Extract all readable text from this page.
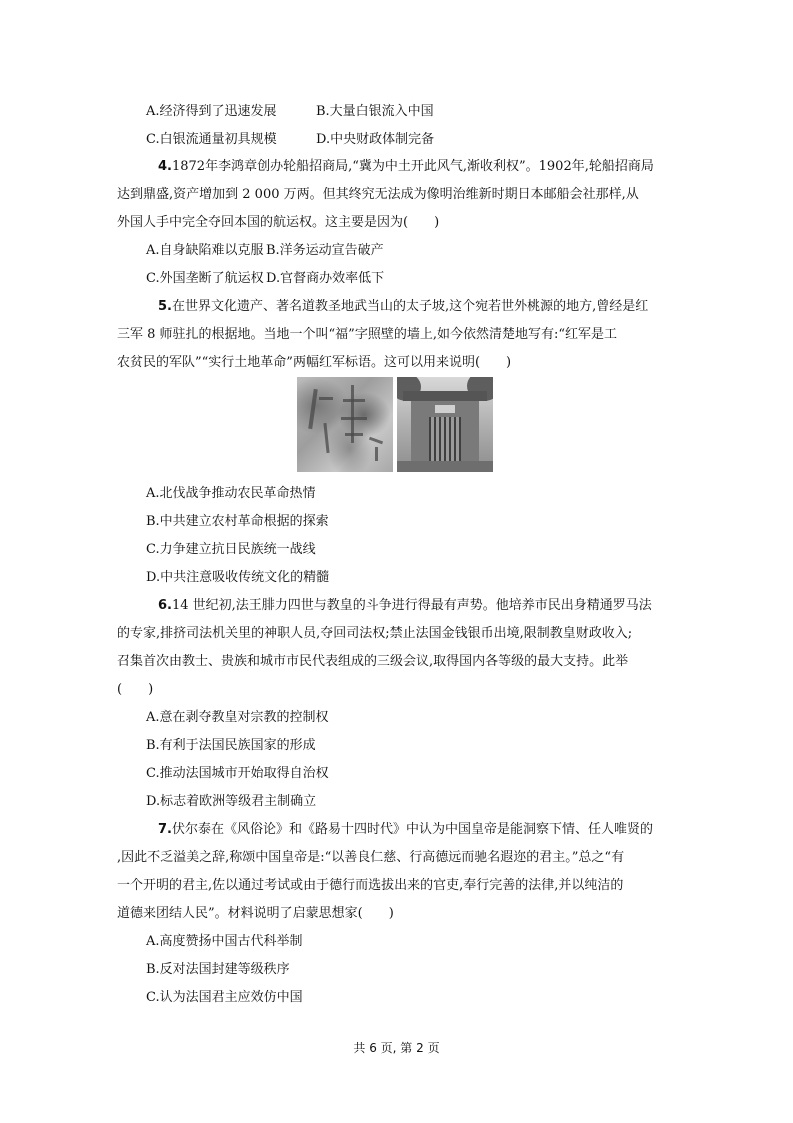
A.经济得到了迅速发展	B.大量白银流入中国
C.白银流通量初具规模	D.中央财政体制完备
4.1872年李鸿章创办轮船招商局,“冀为中土开此风气,渐收利权”。1902年,轮船招商局
达到鼎盛,资产增加到 2 000 万两。但其终究无法成为像明治维新时期日本邮船会社那样,从
外国人手中完全夺回本国的航运权。这主要是因为(　　)
A.自身缺陷难以克服 B.洋务运动宣告破产
C.外国垄断了航运权 D.官督商办效率低下
5.在世界文化遗产、著名道教圣地武当山的太子坡,这个宛若世外桃源的地方,曾经是红
三军 8 师驻扎的根据地。当地一个叫“福”字照壁的墙上,如今依然清楚地写有:“红军是工
农贫民的军队”“实行土地革命”两幅红军标语。这可以用来说明(　　)
A.北伐战争推动农民革命热情
B.中共建立农村革命根据的探索
C.力争建立抗日民族统一战线
D.中共注意吸收传统文化的精髓
6.14 世纪初,法王腓力四世与教皇的斗争进行得最有声势。他培养市民出身精通罗马法
的专家,排挤司法机关里的神职人员,夺回司法权;禁止法国金钱银币出境,限制教皇财政收入;
召集首次由教士、贵族和城市市民代表组成的三级会议,取得国内各等级的最大支持。此举
(　　)
A.意在剥夺教皇对宗教的控制权
B.有利于法国民族国家的形成
C.推动法国城市开始取得自治权
D.标志着欧洲等级君主制确立
7.伏尔泰在《风俗论》和《路易十四时代》中认为中国皇帝是能洞察下情、任人唯贤的
,因此不乏溢美之辞,称颂中国皇帝是:“以善良仁慈、行高德远而驰名遐迩的君主。”总之“有
一个开明的君主,佐以通过考试或由于德行而选拔出来的官吏,奉行完善的法律,并以纯洁的
道德来团结人民”。材料说明了启蒙思想家(　　)
A.高度赞扬中国古代科举制
B.反对法国封建等级秩序
C.认为法国君主应效仿中国
共 6 页, 第 2 页
